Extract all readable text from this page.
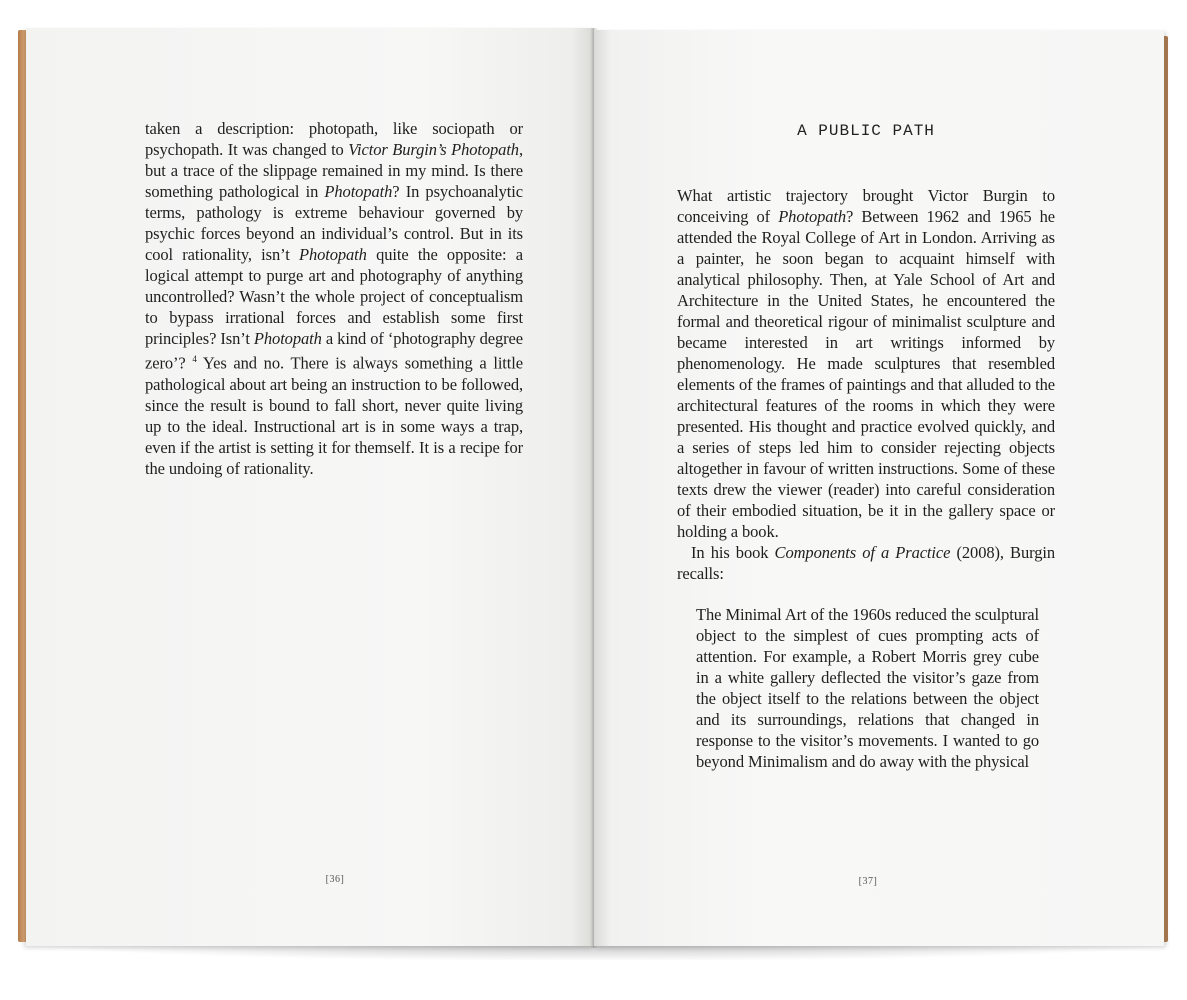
taken a description: photopath, like sociopath or psychopath. It was changed to Victor Burgin’s Photopath, but a trace of the slippage remained in my mind. Is there something pathological in Photopath? In psychoanalytic terms, pathology is extreme behaviour governed by psychic forces beyond an individual’s control. But in its cool rationality, isn’t Photopath quite the opposite: a logical attempt to purge art and photography of anything uncontrolled? Wasn’t the whole project of conceptualism to bypass irrational forces and establish some first principles? Isn’t Photopath a kind of ‘photography degree zero’? $^4$ Yes and no. There is always something a little pathological about art being an instruction to be followed, since the result is bound to fall short, never quite living up to the ideal. Instructional art is in some ways a trap, even if the artist is setting it for themself. It is a recipe for the undoing of rationality.

[36]
A PUBLIC PATH

What artistic trajectory brought Victor Burgin to conceiving of Photopath? Between 1962 and 1965 he attended the Royal College of Art in London. Arriving as a painter, he soon began to acquaint himself with analytical philosophy. Then, at Yale School of Art and Architecture in the United States, he encountered the formal and theoretical rigour of minimalist sculpture and became interested in art writings informed by phenomenology. He made sculptures that resembled elements of the frames of paintings and that alluded to the architectural features of the rooms in which they were presented. His thought and practice evolved quickly, and a series of steps led him to consider rejecting objects altogether in favour of written instructions. Some of these texts drew the viewer (reader) into careful consideration of their embodied situation, be it in the gallery space or holding a book.

In his book Components of a Practice (2008), Burgin recalls:

The Minimal Art of the 1960s reduced the sculptural object to the simplest of cues prompting acts of attention. For example, a Robert Morris grey cube in a white gallery deflected the visitor’s gaze from the object itself to the relations between the object and its surroundings, relations that changed in response to the visitor’s movements. I wanted to go beyond Minimalism and do away with the physical

[37]
